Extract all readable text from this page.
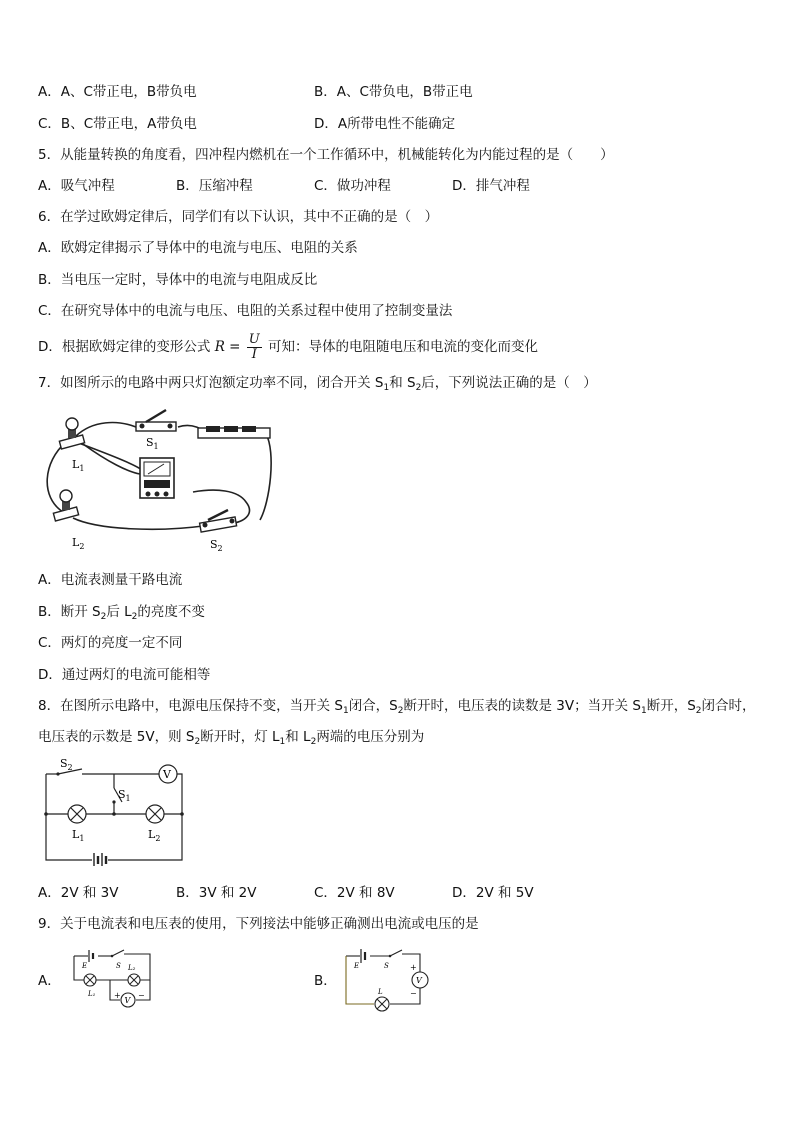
A．A、C带正电，B带负电	B．A、C带负电，B带正电
C．B、C带正电，A带负电	D．A所带电性不能确定
5．从能量转换的角度看，四冲程内燃机在一个工作循环中，机械能转化为内能过程的是（　　）
A．吸气冲程	B．压缩冲程	C．做功冲程	D．排气冲程
6．在学过欧姆定律后，同学们有以下认识，其中不正确的是（　）
A．欧姆定律揭示了导体中的电流与电压、电阻的关系
B．当电压一定时，导体中的电流与电阻成反比
C．在研究导体中的电流与电压、电阻的关系过程中使用了控制变量法
D．根据欧姆定律的变形公式 $R = \frac{U}{I}$ 可知：导体的电阻随电压和电流的变化而变化
7．如图所示的电路中两只灯泡额定功率不同，闭合开关 $S_1$和 $S_2$后，下列说法正确的是（　）
$L_1$
$S_1$
$L_2$	$S_2$
A．电流表测量干路电流
B．断开 $S_2$后 $L_2$的亮度不变
C．两灯的亮度一定不同
D．通过两灯的电流可能相等
8．在图所示电路中，电源电压保持不变，当开关 $S_1$闭合，$S_2$断开时，电压表的读数是 3V；当开关 $S_1$断开，$S_2$闭合时，
电压表的示数是 5V，则 $S_2$断开时，灯 $L_1$和 $L_2$两端的电压分别为
$S_2$
V
$S_1$
$L_1$	$L_2$
A．2V 和 3V	B．3V 和 2V	C．2V 和 8V	D．2V 和 5V
9．关于电流表和电压表的使用，下列接法中能够正确测出电流或电压的是
A．
E	S
L₁
L₂
V
+ −
B．
E	S
V
+
−
L
